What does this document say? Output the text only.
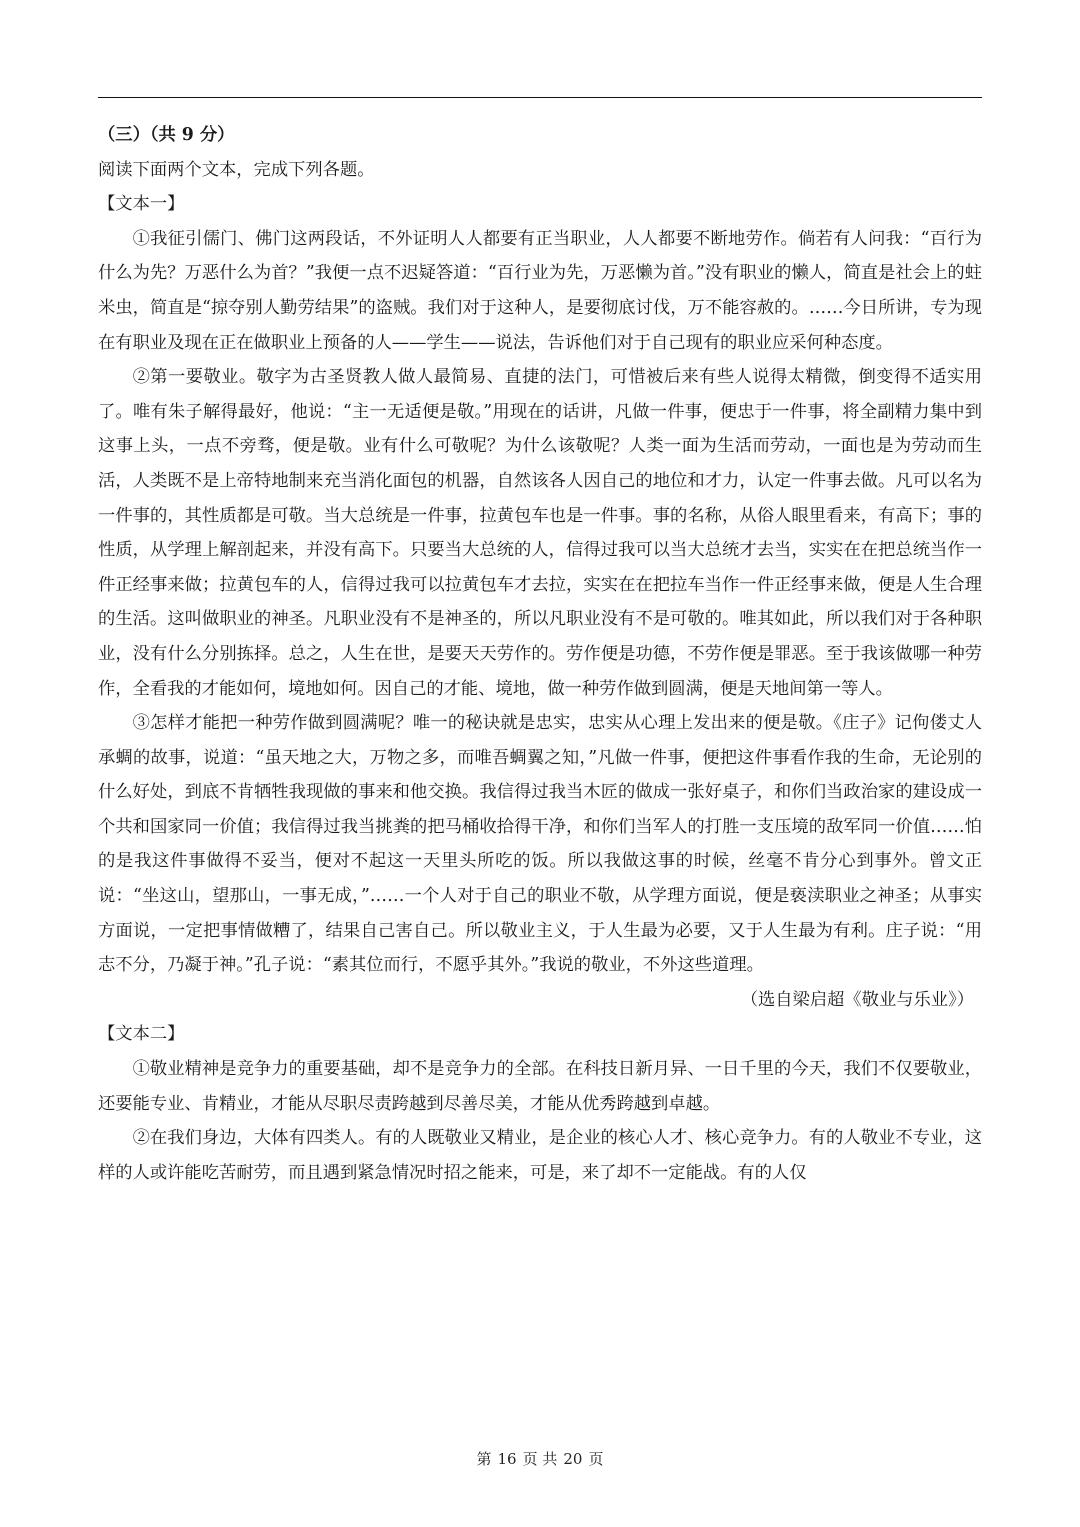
（三）（共 9 分）

阅读下面两个文本，完成下列各题。

【文本一】

①我征引儒门、佛门这两段话，不外证明人人都要有正当职业，人人都要不断地劳作。倘若有人问我：“百行为什么为先？万恶什么为首？”我便一点不迟疑答道：“百行业为先，万恶懒为首。”没有职业的懒人，简直是社会上的蛀米虫，简直是“掠夺别人勤劳结果”的盗贼。我们对于这种人，是要彻底讨伐，万不能容赦的。……今日所讲，专为现在有职业及现在正在做职业上预备的人——学生——说法，告诉他们对于自己现有的职业应采何种态度。

②第一要敬业。敬字为古圣贤教人做人最简易、直捷的法门，可惜被后来有些人说得太精微，倒变得不适实用了。唯有朱子解得最好，他说：“主一无适便是敬。”用现在的话讲，凡做一件事，便忠于一件事，将全副精力集中到这事上头，一点不旁骛，便是敬。业有什么可敬呢？为什么该敬呢？人类一面为生活而劳动，一面也是为劳动而生活，人类既不是上帝特地制来充当消化面包的机器，自然该各人因自己的地位和才力，认定一件事去做。凡可以名为一件事的，其性质都是可敬。当大总统是一件事，拉黄包车也是一件事。事的名称，从俗人眼里看来，有高下；事的性质，从学理上解剖起来，并没有高下。只要当大总统的人，信得过我可以当大总统才去当，实实在在把总统当作一件正经事来做；拉黄包车的人，信得过我可以拉黄包车才去拉，实实在在把拉车当作一件正经事来做，便是人生合理的生活。这叫做职业的神圣。凡职业没有不是神圣的，所以凡职业没有不是可敬的。唯其如此，所以我们对于各种职业，没有什么分别拣择。总之，人生在世，是要天天劳作的。劳作便是功德，不劳作便是罪恶。至于我该做哪一种劳作，全看我的才能如何，境地如何。因自己的才能、境地，做一种劳作做到圆满，便是天地间第一等人。

③怎样才能把一种劳作做到圆满呢？唯一的秘诀就是忠实，忠实从心理上发出来的便是敬。《庄子》记佝偻丈人承蜩的故事，说道：“虽天地之大，万物之多，而唯吾蜩翼之知，”凡做一件事，便把这件事看作我的生命，无论别的什么好处，到底不肯牺牲我现做的事来和他交换。我信得过我当木匠的做成一张好桌子，和你们当政治家的建设成一个共和国家同一价值；我信得过我当挑粪的把马桶收拾得干净，和你们当军人的打胜一支压境的敌军同一价值……怕的是我这件事做得不妥当，便对不起这一天里头所吃的饭。所以我做这事的时候，丝毫不肯分心到事外。曾文正说：“坐这山，望那山，一事无成，”……一个人对于自己的职业不敬，从学理方面说，便是亵渎职业之神圣；从事实方面说，一定把事情做糟了，结果自己害自己。所以敬业主义，于人生最为必要，又于人生最为有利。庄子说：“用志不分，乃凝于神。”孔子说：“素其位而行，不愿乎其外。”我说的敬业，不外这些道理。

（选自梁启超《敬业与乐业》）

【文本二】

①敬业精神是竞争力的重要基础，却不是竞争力的全部。在科技日新月异、一日千里的今天，我们不仅要敬业，还要能专业、肯精业，才能从尽职尽责跨越到尽善尽美，才能从优秀跨越到卓越。

②在我们身边，大体有四类人。有的人既敬业又精业，是企业的核心人才、核心竞争力。有的人敬业不专业，这样的人或许能吃苦耐劳，而且遇到紧急情况时招之能来，可是，来了却不一定能战。有的人仅

第 16 页 共 20 页
